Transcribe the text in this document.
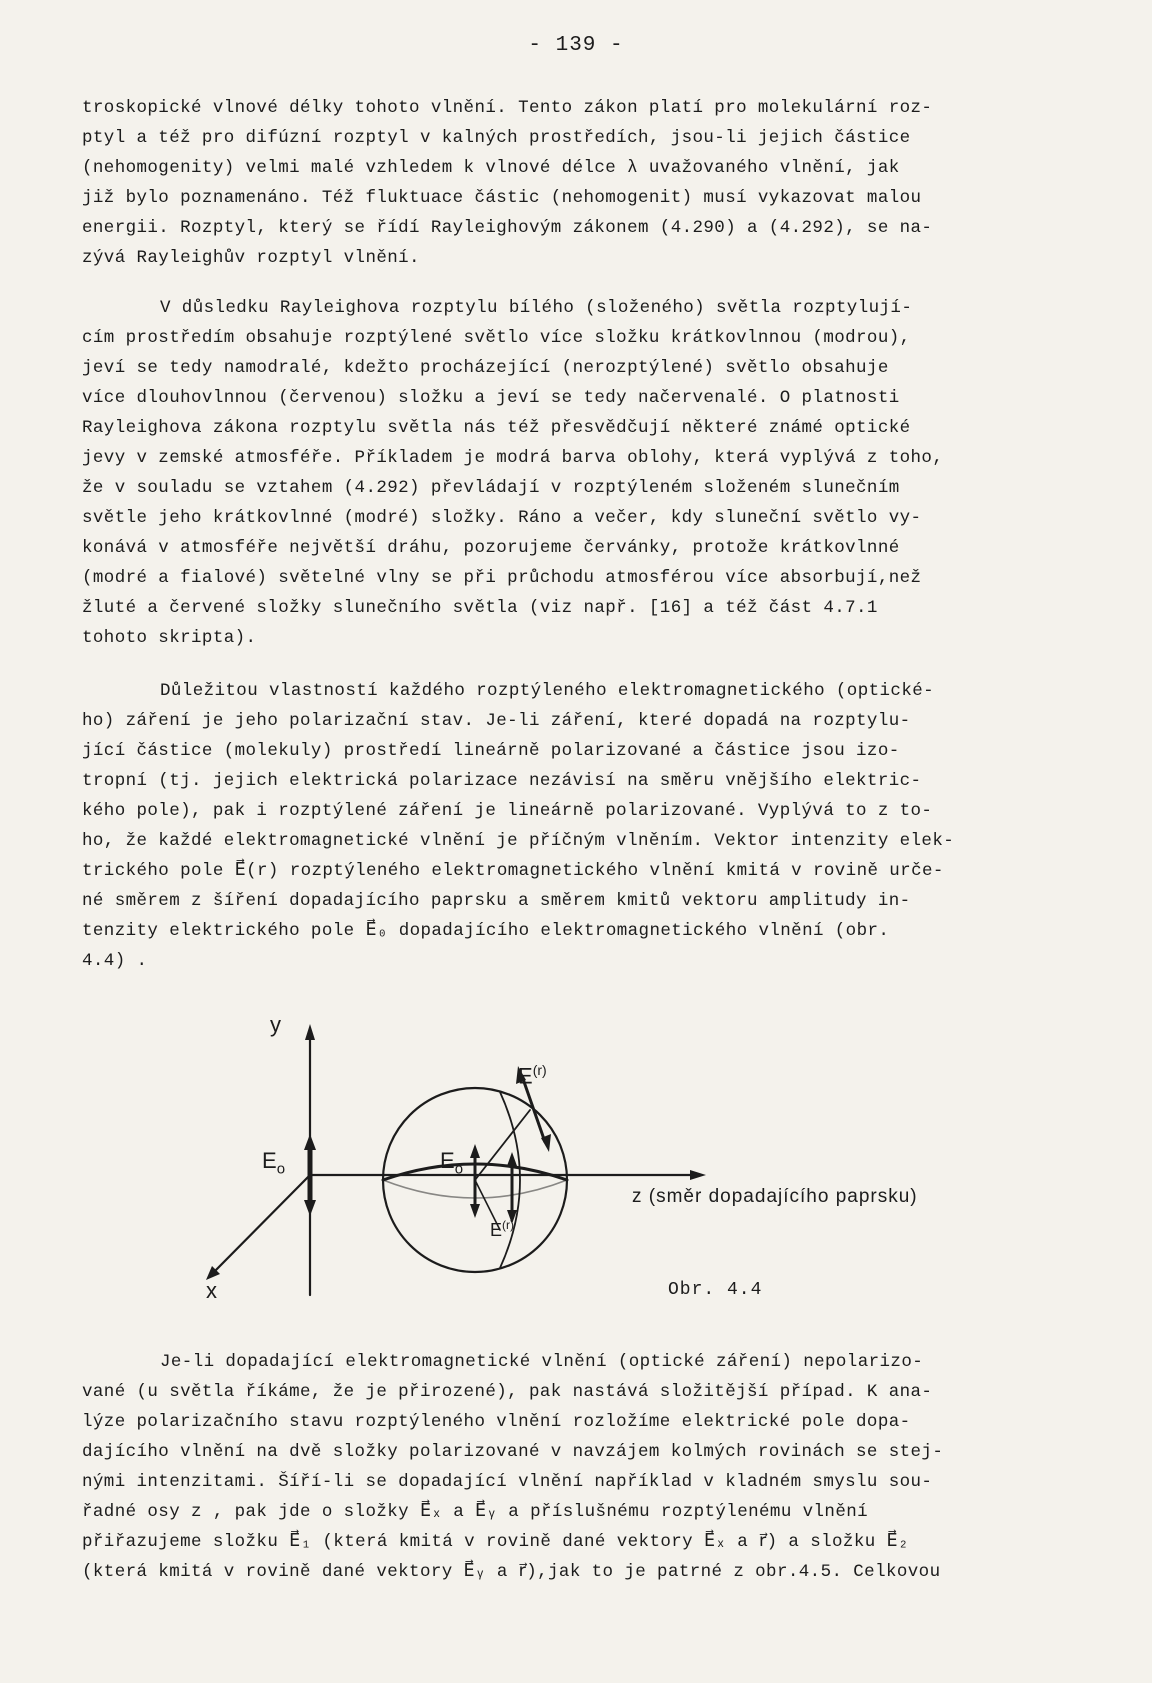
- 139 -

troskopické vlnové délky tohoto vlnění. Tento zákon platí pro molekulární roz-
ptyl a též pro difúzní rozptyl v kalných prostředích, jsou-li jejich částice
(nehomogenity) velmi malé vzhledem k vlnové délce λ uvažovaného vlnění, jak
již bylo poznamenáno. Též fluktuace částic (nehomogenit) musí vykazovat malou
energii. Rozptyl, který se řídí Rayleighovým zákonem (4.290) a (4.292), se na-
zývá Rayleighův rozptyl vlnění.

V důsledku Rayleighova rozptylu bílého (složeného) světla rozptylují-
cím prostředím obsahuje rozptýlené světlo více složku krátkovlnnou (modrou),
jeví se tedy namodralé, kdežto procházející (nerozptýlené) světlo obsahuje
více dlouhovlnnou (červenou) složku a jeví se tedy načervenalé. O platnosti
Rayleighova zákona rozptylu světla nás též přesvědčují některé známé optické
jevy v zemské atmosféře. Příkladem je modrá barva oblohy, která vyplývá z toho,
že v souladu se vztahem (4.292) převládají v rozptýleném složeném slunečním
světle jeho krátkovlnné (modré) složky. Ráno a večer, kdy sluneční světlo vy-
konává v atmosféře největší dráhu, pozorujeme červánky, protože krátkovlnné
(modré a fialové) světelné vlny se při průchodu atmosférou více absorbují,než
žluté a červené složky slunečního světla (viz např. [16] a též část 4.7.1
tohoto skripta).

Důležitou vlastností každého rozptýleného elektromagnetického (optické-
ho) záření je jeho polarizační stav. Je-li záření, které dopadá na rozptylu-
jící částice (molekuly) prostředí lineárně polarizované a částice jsou izo-
tropní (tj. jejich elektrická polarizace nezávisí na směru vnějšího elektric-
kého pole), pak i rozptýlené záření je lineárně polarizované. Vyplývá to z to-
ho, že každé elektromagnetické vlnění je příčným vlněním. Vektor intenzity elek-
trického pole E⃗(r) rozptýleného elektromagnetického vlnění kmitá v rovině urče-
né směrem z šíření dopadajícího paprsku a směrem kmitů vektoru amplitudy in-
tenzity elektrického pole E⃗₀ dopadajícího elektromagnetického vlnění (obr.
4.4) .

y
x
z (směr dopadajícího paprsku)
$E_o$	$E_o$
$E^{(r)}$
$E^{(r)}$
Obr. 4.4

Je-li dopadající elektromagnetické vlnění (optické záření) nepolarizo-
vané (u světla říkáme, že je přirozené), pak nastává složitější případ. K ana-
lýze polarizačního stavu rozptýleného vlnění rozložíme elektrické pole dopa-
dajícího vlnění na dvě složky polarizované v navzájem kolmých rovinách se stej-
nými intenzitami. Šíří-li se dopadající vlnění například v kladném smyslu sou-
řadné osy z , pak jde o složky E⃗ₓ a E⃗ᵧ a příslušnému rozptýlenému vlnění
přiřazujeme složku E⃗₁ (která kmitá v rovině dané vektory E⃗ₓ a r⃗) a složku E⃗₂
(která kmitá v rovině dané vektory E⃗ᵧ a r⃗),jak to je patrné z obr.4.5. Celkovou
